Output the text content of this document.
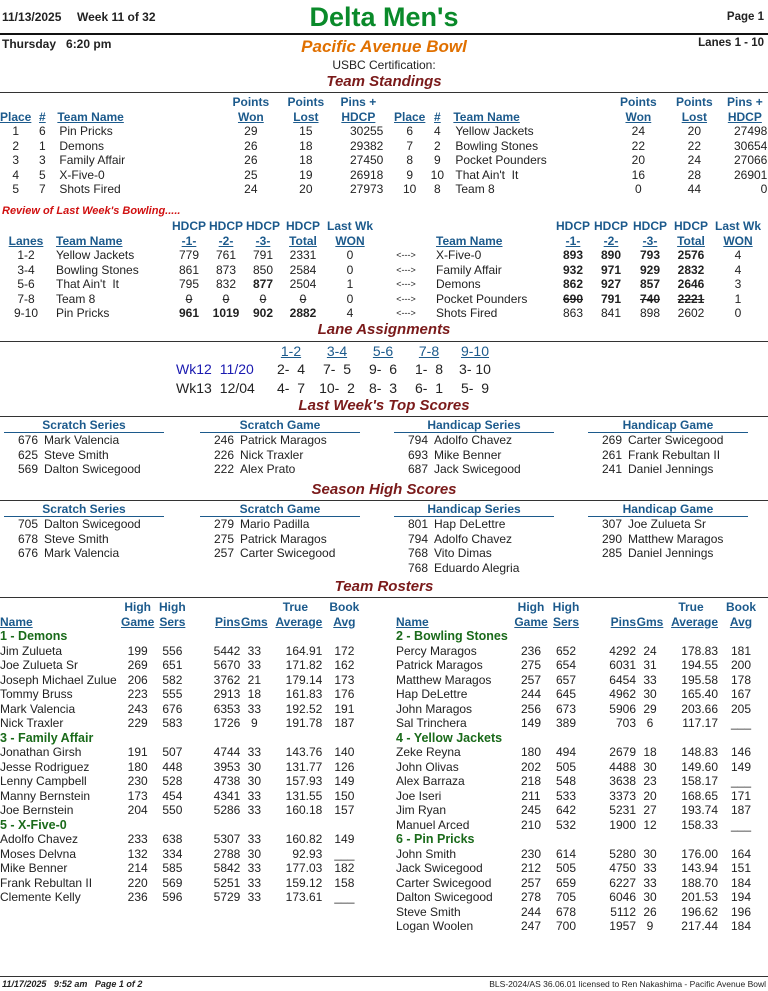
11/13/2025 Week 11 of 32	Delta Men's	Page 1
Thursday   6:20 pm	Pacific Avenue Bowl	Lanes 1 - 10
USBC Certification:
Team Standings
			Points	Points	Pins +
Place	#	Team Name	Won	Lost	HDCP
1	6	Pin Pricks	29	15	30255
2	1	Demons	26	18	29382
3	3	Family Affair	26	18	27450
4	5	X-Five-0	25	19	26918
5	7	Shots Fired	24	20	27973
			Points	Points	Pins +
Place	#	Team Name	Won	Lost	HDCP
6	4	Yellow Jackets	24	20	27498
7	2	Bowling Stones	22	22	30654
8	9	Pocket Pounders	20	24	27066
9	10	That Ain't  It	16	28	26901
10	8	Team 8	0	44	0
Review of Last Week's Bowling.....
		HDCP	HDCP	HDCP	HDCP	Last Wk			HDCP	HDCP	HDCP	HDCP	Last Wk
Lanes	Team Name	-1-	-2-	-3-	Total	WON		Team Name	-1-	-2-	-3-	Total	WON
1-2	Yellow Jackets	779	761	791	2331	0	<--->	X-Five-0	893	890	793	2576	4
3-4	Bowling Stones	861	873	850	2584	0	<--->	Family Affair	932	971	929	2832	4
5-6	That Ain't  It	795	832	877	2504	1	<--->	Demons	862	927	857	2646	3
7-8	Team 8	0	0	0	0	0	<--->	Pocket Pounders	690	791	740	2221	1
9-10	Pin Pricks	961	1019	902	2882	4	<--->	Shots Fired	863	841	898	2602	0
Lane Assignments
	1-2	3-4	5-6	7-8	9-10
Wk12 11/20	2-  4	7-  5	9-  6	1-  8	3- 10
Wk13 12/04	4-  7	10-  2	8-  3	6-  1	5-  9
Last Week's Top Scores
Scratch Series
676 Mark Valencia
625 Steve Smith
569 Dalton Swicegood
Scratch Game
246 Patrick Maragos
226 Nick Traxler
222 Alex Prato
Handicap Series
794 Adolfo Chavez
693 Mike Benner
687 Jack Swicegood
Handicap Game
269 Carter Swicegood
261 Frank Rebultan II
241 Daniel Jennings
Season High Scores
Scratch Series
705 Dalton Swicegood
678 Steve Smith
676 Mark Valencia
Scratch Game
279 Mario Padilla
275 Patrick Maragos
257 Carter Swicegood
Handicap Series
801 Hap DeLettre
794 Adolfo Chavez
768 Vito Dimas
768 Eduardo Alegria
Handicap Game
307 Joe Zulueta Sr
290 Matthew Maragos
285 Daniel Jennings
Team Rosters
	High	High			True	Book
Name	Game	Sers	Pins	Gms	Average	Avg
1 - Demons						
Jim Zulueta	199	556	5442	33	164.91	172
Joe Zulueta Sr	269	651	5670	33	171.82	162
Joseph Michael Zulue	206	582	3762	21	179.14	173
Tommy Bruss	223	555	2913	18	161.83	176
Mark Valencia	243	676	6353	33	192.52	191
Nick Traxler	229	583	1726	9	191.78	187
3 - Family Affair						
Jonathan Girsh	191	507	4744	33	143.76	140
Jesse Rodriguez	180	448	3953	30	131.77	126
Lenny Campbell	230	528	4738	30	157.93	149
Manny Bernstein	173	454	4341	33	131.55	150
Joe Bernstein	204	550	5286	33	160.18	157
5 - X-Five-0						
Adolfo Chavez	233	638	5307	33	160.82	149
Moses Delvna	132	334	2788	30	92.93	___
Mike Benner	214	585	5842	33	177.03	182
Frank Rebultan II	220	569	5251	33	159.12	158
Clemente Kelly	236	596	5729	33	173.61	___
	High	High			True	Book
Name	Game	Sers	Pins	Gms	Average	Avg
2 - Bowling Stones						
Percy Maragos	236	652	4292	24	178.83	181
Patrick Maragos	275	654	6031	31	194.55	200
Matthew Maragos	257	657	6454	33	195.58	178
Hap DeLettre	244	645	4962	30	165.40	167
John Maragos	256	673	5906	29	203.66	205
Sal Trinchera	149	389	703	6	117.17	___
4 - Yellow Jackets						
Zeke Reyna	180	494	2679	18	148.83	146
John Olivas	202	505	4488	30	149.60	149
Alex Barraza	218	548	3638	23	158.17	___
Joe Iseri	211	533	3373	20	168.65	171
Jim Ryan	245	642	5231	27	193.74	187
Manuel Arced	210	532	1900	12	158.33	___
6 - Pin Pricks						
John Smith	230	614	5280	30	176.00	164
Jack Swicegood	212	505	4750	33	143.94	151
Carter Swicegood	257	659	6227	33	188.70	184
Dalton Swicegood	278	705	6046	30	201.53	194
Steve Smith	244	678	5112	26	196.62	196
Logan Woolen	247	700	1957	9	217.44	184
11/17/2025   9:52 am   Page 1 of 2	BLS-2024/AS 36.06.01 licensed to Ren Nakashima - Pacific Avenue Bowl
